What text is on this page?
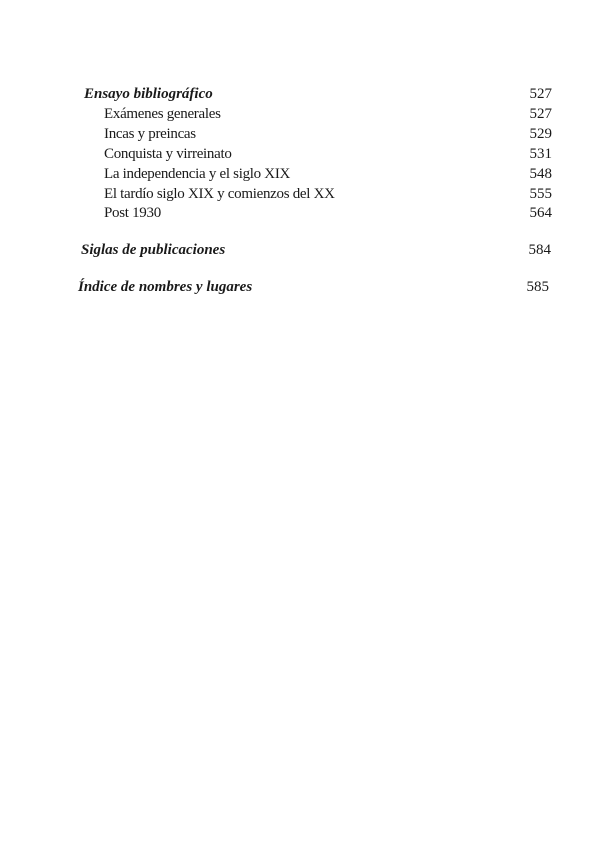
Ensayo bibliográfico	527
Exámenes generales	527
Incas y preincas	529
Conquista y virreinato	531
La independencia y el siglo XIX	548
El tardío siglo XIX y comienzos del XX	555
Post 1930	564
Siglas de publicaciones	584
Índice de nombres y lugares	585
